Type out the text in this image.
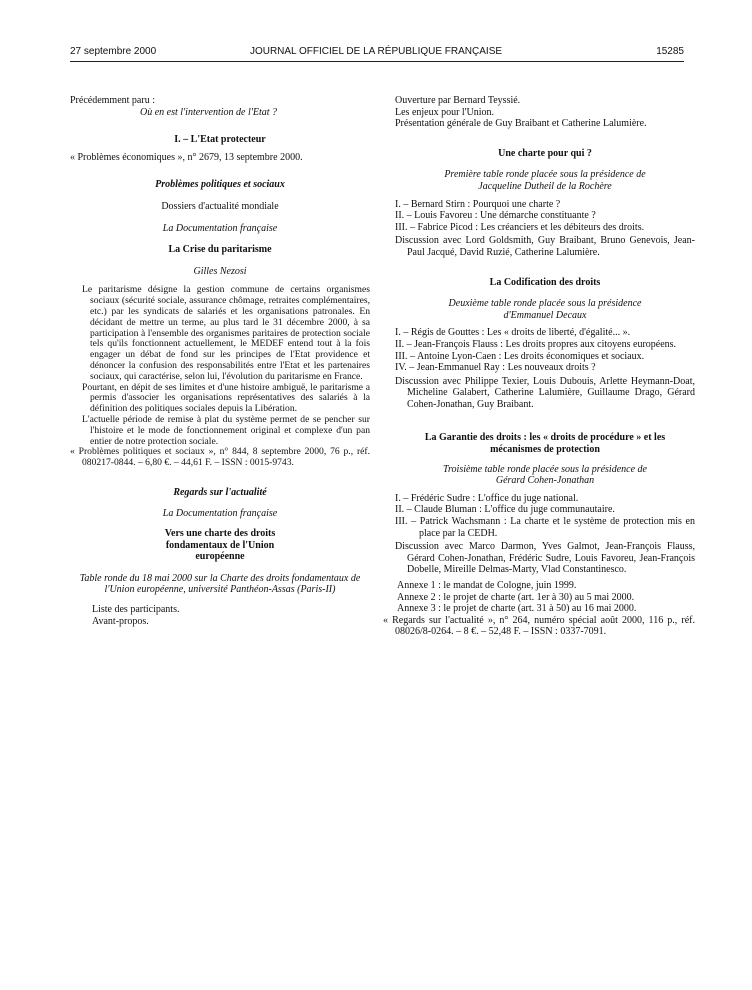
27 septembre 2000	JOURNAL OFFICIEL DE LA RÉPUBLIQUE FRANÇAISE	15285

Précédemment paru :

Où en est l'intervention de l'Etat ?

I. – L'Etat protecteur

« Problèmes économiques », n° 2679, 13 septembre 2000.

Problèmes politiques et sociaux

Dossiers d'actualité mondiale

La Documentation française

La Crise du paritarisme

Gilles Nezosi

Le paritarisme désigne la gestion commune de certains organismes sociaux (sécurité sociale, assurance chômage, retraites complémentaires, etc.) par les syndicats de salariés et les organisations patronales. En décidant de mettre un terme, au plus tard le 31 décembre 2000, à sa participation à l'ensemble des organismes paritaires de protection sociale tels qu'ils fonctionnent actuellement, le MEDEF entend tout à la fois engager un débat de fond sur les principes de l'Etat providence et dénoncer la confusion des responsabilités entre l'Etat et les partenaires sociaux, qui caractérise, selon lui, l'évolution du paritarisme en France.

Pourtant, en dépit de ses limites et d'une histoire ambiguë, le paritarisme a permis d'associer les organisations représentatives des salariés à la définition des politiques sociales depuis la Libération.

L'actuelle période de remise à plat du système permet de se pencher sur l'histoire et le mode de fonctionnement original et complexe d'un pan entier de notre protection sociale.

« Problèmes politiques et sociaux », n° 844, 8 septembre 2000, 76 p., réf. 080217-0844. – 6,80 €. – 44,61 F. – ISSN : 0015-9743.

Regards sur l'actualité

La Documentation française

Vers une charte des droits fondamentaux de l'Union européenne

Table ronde du 18 mai 2000 sur la Charte des droits fondamentaux de l'Union européenne, université Panthéon-Assas (Paris-II)

Liste des participants.

Avant-propos.

Ouverture par Bernard Teyssié.

Les enjeux pour l'Union.

Présentation générale de Guy Braibant et Catherine Lalumière.

Une charte pour qui ?

Première table ronde placée sous la présidence de Jacqueline Dutheil de la Rochère

I. – Bernard Stirn : Pourquoi une charte ?

II. – Louis Favoreu : Une démarche constituante ?

III. – Fabrice Picod : Les créanciers et les débiteurs des droits.

Discussion avec Lord Goldsmith, Guy Braibant, Bruno Genevois, Jean-Paul Jacqué, David Ruzié, Catherine Lalumière.

La Codification des droits

Deuxième table ronde placée sous la présidence d'Emmanuel Decaux

I. – Régis de Gouttes : Les « droits de liberté, d'égalité... ».

II. – Jean-François Flauss : Les droits propres aux citoyens européens.

III. – Antoine Lyon-Caen : Les droits économiques et sociaux.

IV. – Jean-Emmanuel Ray : Les nouveaux droits ?

Discussion avec Philippe Texier, Louis Dubouis, Arlette Heymann-Doat, Micheline Galabert, Catherine Lalumière, Guillaume Drago, Gérard Cohen-Jonathan, Guy Braibant.

La Garantie des droits : les « droits de procédure » et les mécanismes de protection

Troisième table ronde placée sous la présidence de Gérard Cohen-Jonathan

I. – Frédéric Sudre : L'office du juge national.

II. – Claude Bluman : L'office du juge communautaire.

III. – Patrick Wachsmann : La charte et le système de protection mis en place par la CEDH.

Discussion avec Marco Darmon, Yves Galmot, Jean-François Flauss, Gérard Cohen-Jonathan, Frédéric Sudre, Louis Favoreu, Jean-François Dobelle, Mireille Delmas-Marty, Vlad Constantinesco.

Annexe 1 : le mandat de Cologne, juin 1999.

Annexe 2 : le projet de charte (art. 1er à 30) au 5 mai 2000.

Annexe 3 : le projet de charte (art. 31 à 50) au 16 mai 2000.

« Regards sur l'actualité », n° 264, numéro spécial août 2000, 116 p., réf. 08026/8-0264. – 8 €. – 52,48 F. – ISSN : 0337-7091.
